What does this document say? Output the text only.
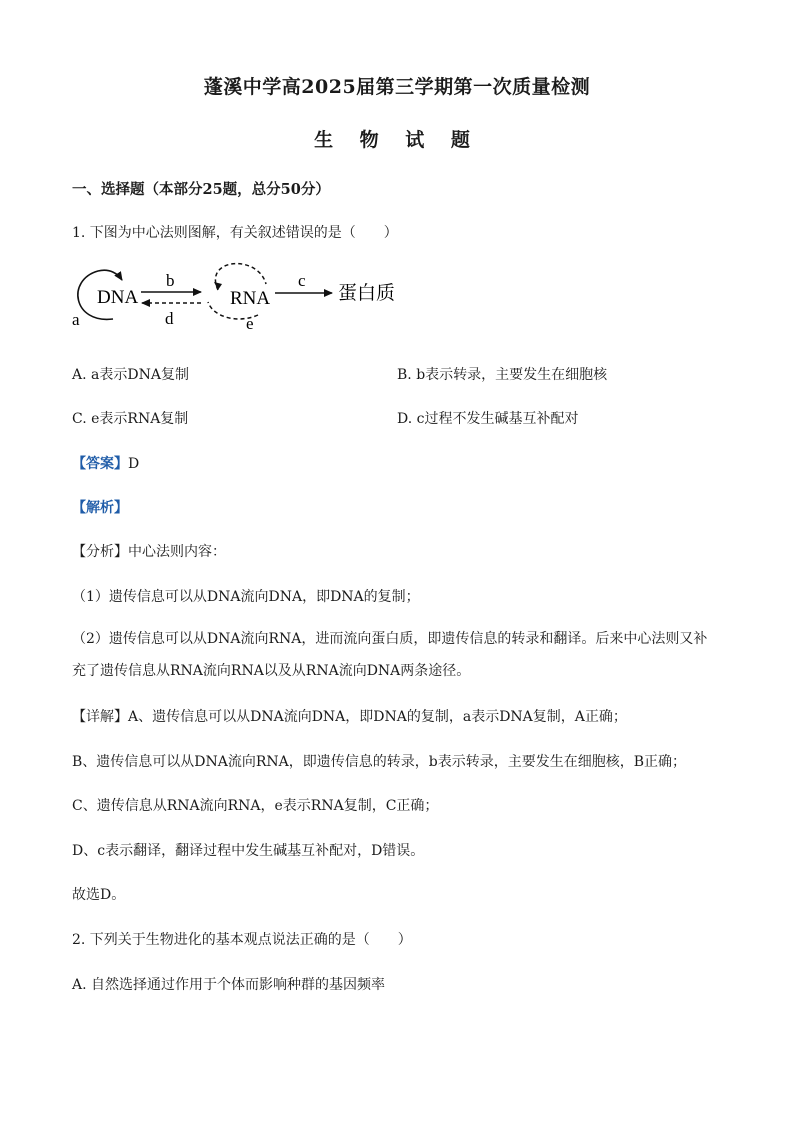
蓬溪中学高2025届第三学期第一次质量检测
生 物 试 题
一、选择题（本部分25题，总分50分）
1. 下图为中心法则图解，有关叙述错误的是（　　）
DNA
a
b
d
RNA
e
c
蛋白质
A. a表示DNA复制	B. b表示转录，主要发生在细胞核
C. e表示RNA复制	D. c过程不发生碱基互补配对
【答案】D
【解析】
【分析】中心法则内容：
（1）遗传信息可以从DNA流向DNA，即DNA的复制；
（2）遗传信息可以从DNA流向RNA，进而流向蛋白质，即遗传信息的转录和翻译。后来中心法则又补充了遗传信息从RNA流向RNA以及从RNA流向DNA两条途径。
【详解】A、遗传信息可以从DNA流向DNA，即DNA的复制，a表示DNA复制，A正确；
B、遗传信息可以从DNA流向RNA，即遗传信息的转录，b表示转录，主要发生在细胞核，B正确；
C、遗传信息从RNA流向RNA，e表示RNA复制，C正确；
D、c表示翻译，翻译过程中发生碱基互补配对，D错误。
故选D。
2. 下列关于生物进化的基本观点说法正确的是（　　）
A. 自然选择通过作用于个体而影响种群的基因频率
